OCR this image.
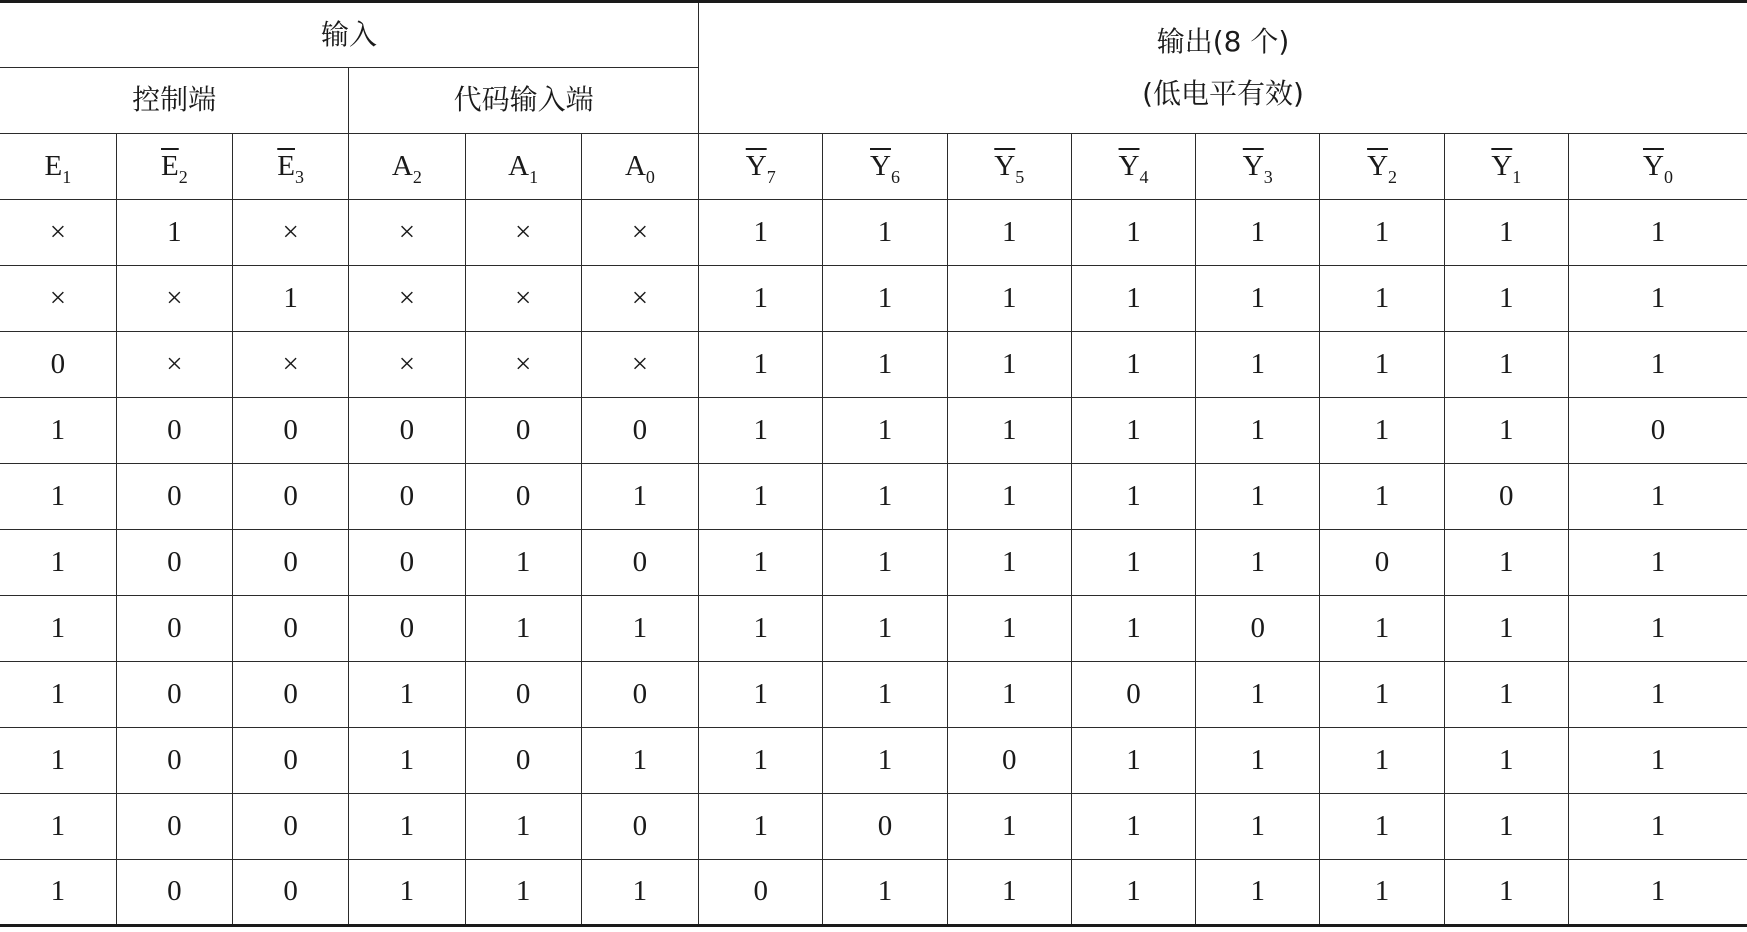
输入						输出(8 个)
(低电平有效)							
控制端			代码输入端										
$E_1$	$\overline{E}_2$	$\overline{E}_3$	$A_2$	$A_1$	$A_0$	$\overline{Y}_7$	$\overline{Y}_6$	$\overline{Y}_5$	$\overline{Y}_4$	$\overline{Y}_3$	$\overline{Y}_2$	$\overline{Y}_1$	$\overline{Y}_0$
×	1	×	×	×	×	1	1	1	1	1	1	1	1
×	×	1	×	×	×	1	1	1	1	1	1	1	1
0	×	×	×	×	×	1	1	1	1	1	1	1	1
1	0	0	0	0	0	1	1	1	1	1	1	1	0
1	0	0	0	0	1	1	1	1	1	1	1	0	1
1	0	0	0	1	0	1	1	1	1	1	0	1	1
1	0	0	0	1	1	1	1	1	1	0	1	1	1
1	0	0	1	0	0	1	1	1	0	1	1	1	1
1	0	0	1	0	1	1	1	0	1	1	1	1	1
1	0	0	1	1	0	1	0	1	1	1	1	1	1
1	0	0	1	1	1	0	1	1	1	1	1	1	1
